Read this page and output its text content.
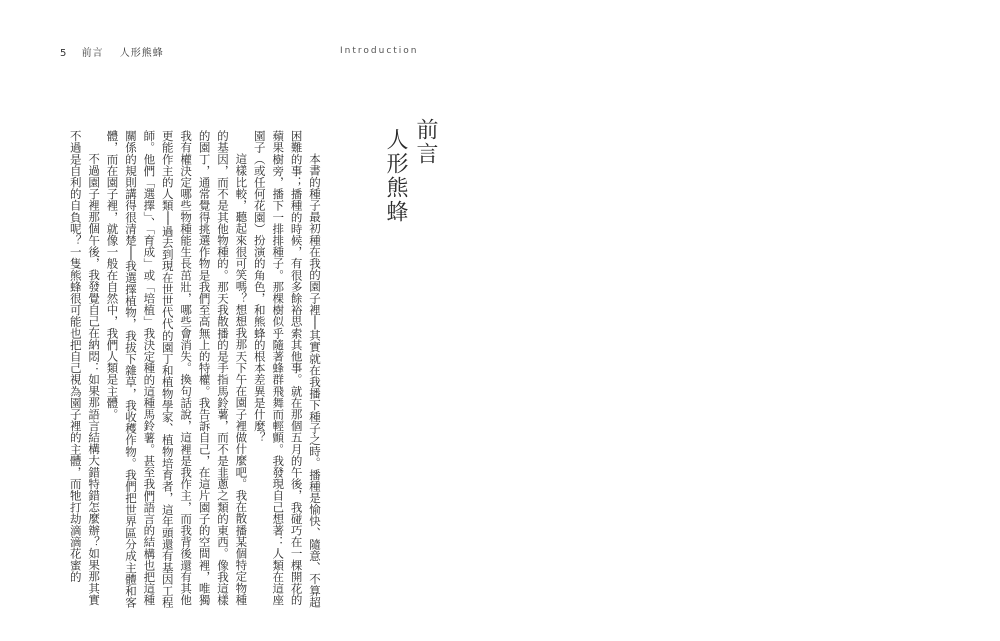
5 前言 人形熊蜂	Introduction

本書的種子最初種在我的園子裡──其實就在我播下種子之時。播種是愉快、隨意、不算超困難的事；播種的時候，有很多餘裕思索其他事。就在那個五月的午後，我碰巧在一棵開花的蘋果樹旁，播下一排排種子。那棵樹似乎隨著蜂群飛舞而輕顫。我發現自己想著：人類在這座園子（或任何花園）扮演的角色，和熊蜂的根本差異是什麼？

這樣比較，聽起來很可笑嗎？想想我那天下午在園子裡做什麼吧。我在散播某個特定物種的基因，而不是其他物種的。那天我散播的是手指馬鈴薯，而不是韭蔥之類的東西。像我這樣的園丁，通常覺得挑選作物是我們至高無上的特權。我告訴自己，在這片園子的空間裡，唯獨我有權決定哪些物種能生長茁壯，哪些會消失。換句話說，這裡是我作主，而我背後還有其他更能作主的人類──過去到現在世世代代的園丁和植物學家、植物培育者，這年頭還有基因工程師。他們「選擇」、「育成」或「培植」我決定種的這種馬鈴薯。甚至我們語言的結構也把這種關係的規則講得很清楚──我選擇植物，我拔下雜草，我收穫作物。我們把世界區分成主體和客體，而在園子裡，就像一般在自然中，我們人類是主體。

不過園子裡那個午後，我發覺自己在納悶：如果那語言結構大錯特錯怎麼辦？如果那其實不過是自利的自負呢？一隻熊蜂很可能也把自己視為園子裡的主體，而牠打劫滴滴花蜜的	前言
人形熊蜂
